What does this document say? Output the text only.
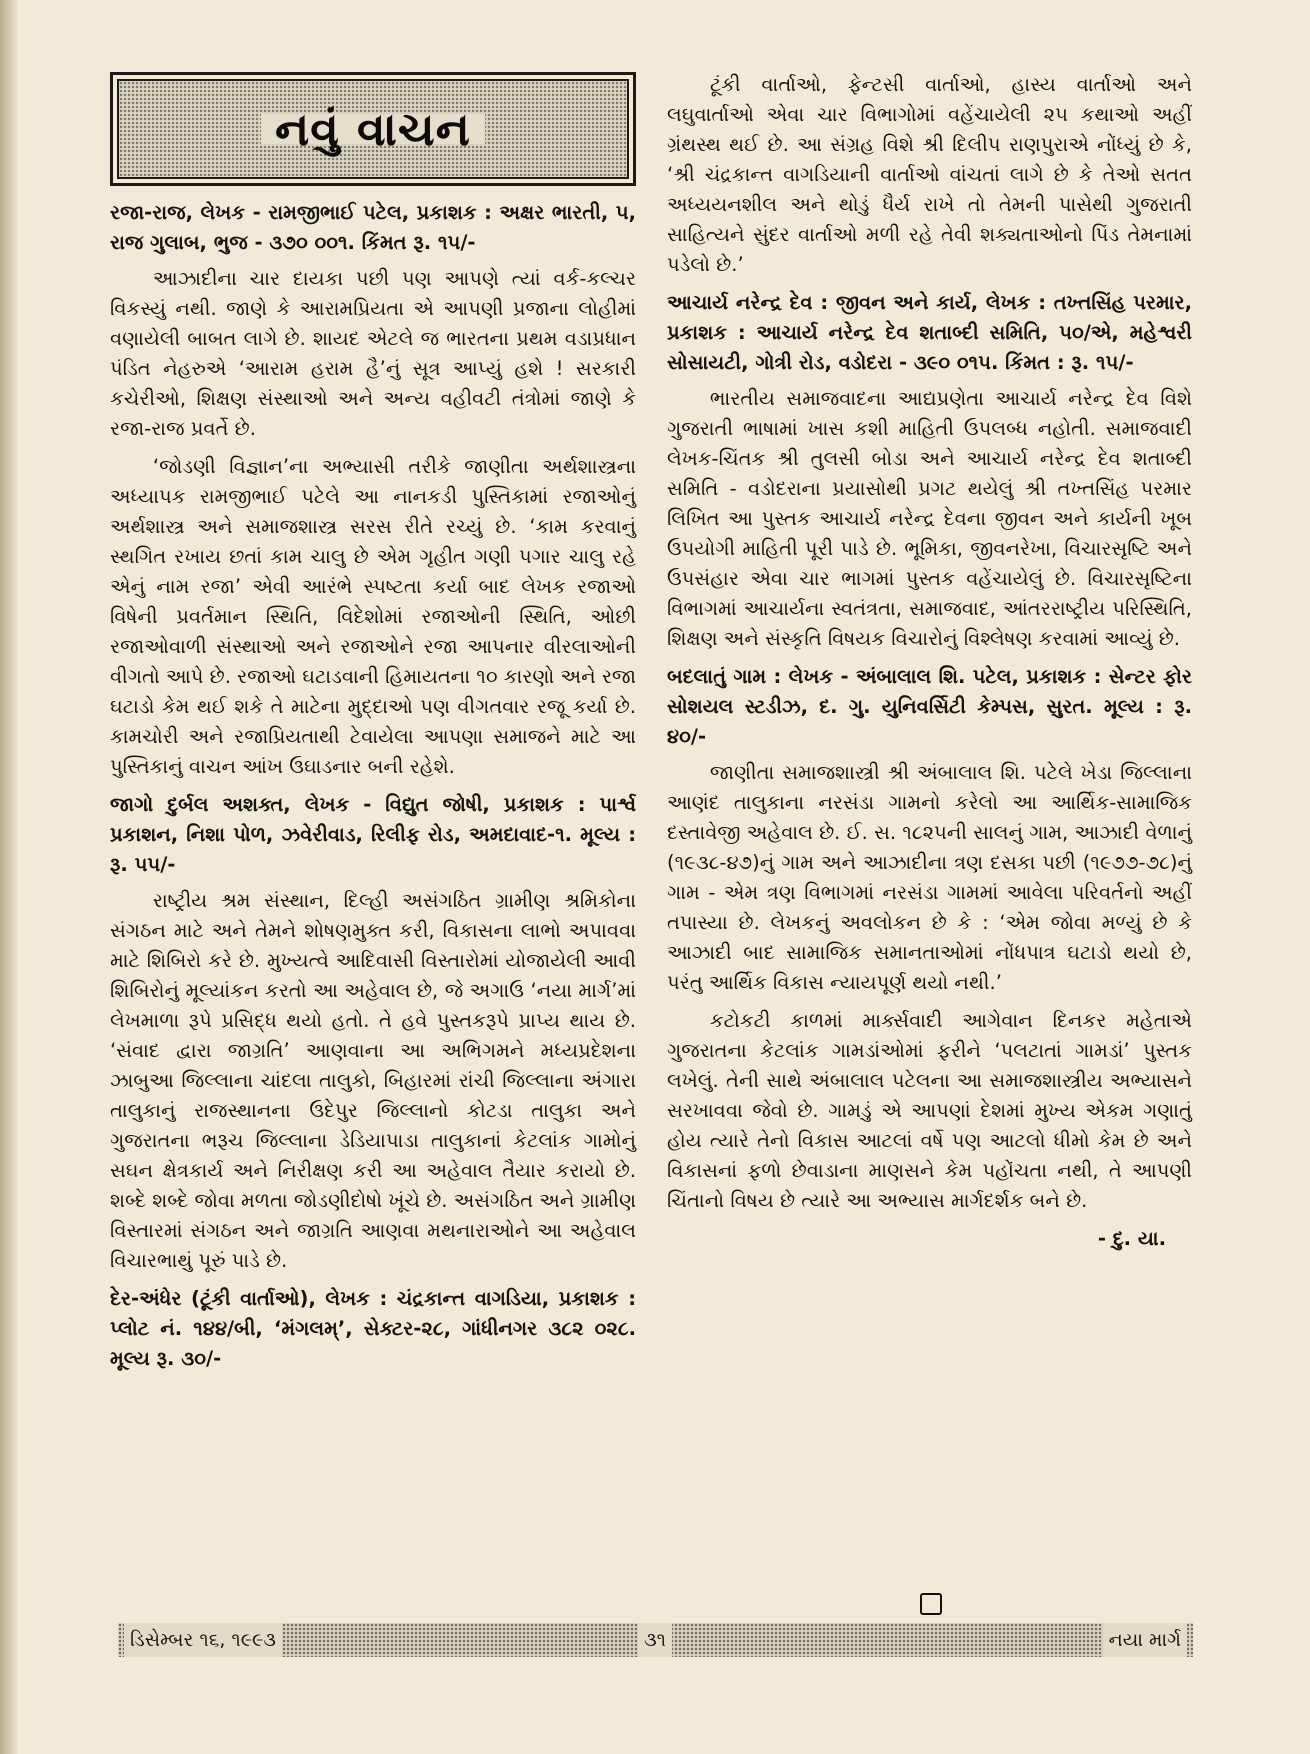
નવું વાચન

રજા-રાજ, લેખક - રામજીભાઈ પટેલ, પ્રકાશક : અક્ષર ભારતી, ૫, રાજ ગુલાબ, ભુજ - ૩૭૦ ૦૦૧. કિંમત રૂ. ૧૫/-

આઝાદીના ચાર દાયકા પછી પણ આપણે ત્યાં વર્ક-કલ્ચર વિકસ્યું નથી. જાણે કે આરામપ્રિયતા એ આપણી પ્રજાના લોહીમાં વણાયેલી બાબત લાગે છે. શાયદ એટલે જ ભારતના પ્રથમ વડાપ્રધાન પંડિત નેહરુએ ‘આરામ હરામ હૈ’નું સૂત્ર આપ્યું હશે ! સરકારી કચેરીઓ, શિક્ષણ સંસ્થાઓ અને અન્ય વહીવટી તંત્રોમાં જાણે કે રજા-રાજ પ્રવર્તે છે.

‘જોડણી વિજ્ઞાન’ના અભ્યાસી તરીકે જાણીતા અર્થશાસ્ત્રના અધ્યાપક રામજીભાઈ પટેલે આ નાનકડી પુસ્તિકામાં રજાઓનું અર્થશાસ્ત્ર અને સમાજશાસ્ત્ર સરસ રીતે રચ્યું છે. ‘કામ કરવાનું સ્થગિત રખાય છતાં કામ ચાલુ છે એમ ગૃહીત ગણી પગાર ચાલુ રહે એનું નામ રજા’ એવી આરંભે સ્પષ્ટતા કર્યા બાદ લેખક રજાઓ વિષેની પ્રવર્તમાન સ્થિતિ, વિદેશોમાં રજાઓની સ્થિતિ, ઓછી રજાઓવાળી સંસ્થાઓ અને રજાઓને રજા આપનાર વીરલાઓની વીગતો આપે છે. રજાઓ ઘટાડવાની હિમાયતના ૧૦ કારણો અને રજા ઘટાડો કેમ થઈ શકે તે માટેના મુદ્દાઓ પણ વીગતવાર રજૂ કર્યા છે. કામચોરી અને રજાપ્રિયતાથી ટેવાયેલા આપણા સમાજને માટે આ પુસ્તિકાનું વાચન આંખ ઉઘાડનાર બની રહેશે.

જાગો દુર્બલ અશક્ત, લેખક - વિદ્યુત જોષી, પ્રકાશક : પાર્શ્વ પ્રકાશન, નિશા પોળ, ઝવેરીવાડ, રિલીફ રોડ, અમદાવાદ-૧. મૂલ્ય : રૂ. ૫૫/-

રાષ્ટ્રીય શ્રમ સંસ્થાન, દિલ્હી અસંગઠિત ગ્રામીણ શ્રમિકોના સંગઠન માટે અને તેમને શોષણમુક્ત કરી, વિકાસના લાભો અપાવવા માટે શિબિરો કરે છે. મુખ્યત્વે આદિવાસી વિસ્તારોમાં યોજાયેલી આવી શિબિરોનું મૂલ્યાંકન કરતો આ અહેવાલ છે, જે અગાઉ ‘નયા માર્ગ’માં લેખમાળા રૂપે પ્રસિદ્ધ થયો હતો. તે હવે પુસ્તકરૂપે પ્રાપ્ય થાય છે. ‘સંવાદ દ્વારા જાગ્રતિ’ આણવાના આ અભિગમને મધ્યપ્રદેશના ઝાબુઆ જિલ્લાના ચાંદલા તાલુકો, બિહારમાં રાંચી જિલ્લાના અંગારા તાલુકાનું રાજસ્થાનના ઉદેપુર જિલ્લાનો કોટડા તાલુકા અને ગુજરાતના ભરૂચ જિલ્લાના ડેડિયાપાડા તાલુકાનાં કેટલાંક ગામોનું સઘન ક્ષેત્રકાર્ય અને નિરીક્ષણ કરી આ અહેવાલ તૈયાર કરાયો છે. શબ્દે શબ્દે જોવા મળતા જોડણીદોષો ખૂંચે છે. અસંગઠિત અને ગ્રામીણ વિસ્તારમાં સંગઠન અને જાગ્રતિ આણવા મથનારાઓને આ અહેવાલ વિચારભાથું પૂરું પાડે છે.

દેર-અંધેર (ટૂંકી વાર્તાઓ), લેખક : ચંદ્રકાન્ત વાગડિયા, પ્રકાશક : પ્લોટ નં. ૧૪૪/બી, ‘મંગલમ્’, સેક્ટર-૨૮, ગાંધીનગર ૩૮૨ ૦૨૮. મૂલ્ય રૂ. ૩૦/-

ટૂંકી વાર્તાઓ, ફેન્ટસી વાર્તાઓ, હાસ્ય વાર્તાઓ અને લઘુવાર્તાઓ એવા ચાર વિભાગોમાં વહેંચાયેલી ૨૫ કથાઓ અહીં ગ્રંથસ્થ થઈ છે. આ સંગ્રહ વિશે શ્રી દિલીપ રાણપુરાએ નોંધ્યું છે કે, ‘શ્રી ચંદ્રકાન્ત વાગડિયાની વાર્તાઓ વાંચતાં લાગે છે કે તેઓ સતત અધ્યયનશીલ અને થોડું ધૈર્ય રાખે તો તેમની પાસેથી ગુજરાતી સાહિત્યને સુંદર વાર્તાઓ મળી રહે તેવી શક્યતાઓનો પિંડ તેમનામાં પડેલો છે.’

આચાર્ય નરેન્દ્ર દેવ : જીવન અને કાર્ય, લેખક : તખ્તસિંહ પરમાર, પ્રકાશક : આચાર્ય નરેન્દ્ર દેવ શતાબ્દી સમિતિ, ૫૦/એ, મહેશ્વરી સોસાયટી, ગોત્રી રોડ, વડોદરા - ૩૯૦ ૦૧૫. કિંમત : રૂ. ૧૫/-

ભારતીય સમાજવાદના આદ્યપ્રણેતા આચાર્ય નરેન્દ્ર દેવ વિશે ગુજરાતી ભાષામાં ખાસ કશી માહિતી ઉપલબ્ધ નહોતી. સમાજવાદી લેખક-ચિંતક શ્રી તુલસી બોડા અને આચાર્ય નરેન્દ્ર દેવ શતાબ્દી સમિતિ - વડોદરાના પ્રયાસોથી પ્રગટ થયેલું શ્રી તખ્તસિંહ પરમાર લિખિત આ પુસ્તક આચાર્ય નરેન્દ્ર દેવના જીવન અને કાર્યની ખૂબ ઉપયોગી માહિતી પૂરી પાડે છે. ભૂમિકા, જીવનરેખા, વિચારસૃષ્ટિ અને ઉપસંહાર એવા ચાર ભાગમાં પુસ્તક વહેંચાયેલું છે. વિચારસૃષ્ટિના વિભાગમાં આચાર્યના સ્વતંત્રતા, સમાજવાદ, આંતરરાષ્ટ્રીય પરિસ્થિતિ, શિક્ષણ અને સંસ્કૃતિ વિષયક વિચારોનું વિશ્લેષણ કરવામાં આવ્યું છે.

બદલાતું ગામ : લેખક - અંબાલાલ શિ. પટેલ, પ્રકાશક : સેન્ટર ફોર સોશયલ સ્ટડીઝ, દ. ગુ. યુનિવર્સિટી કેમ્પસ, સુરત. મૂલ્ય : રૂ. ૪૦/-

જાણીતા સમાજશાસ્ત્રી શ્રી અંબાલાલ શિ. પટેલે ખેડા જિલ્લાના આણંદ તાલુકાના નરસંડા ગામનો કરેલો આ આર્થિક-સામાજિક દસ્તાવેજી અહેવાલ છે. ઈ. સ. ૧૮૨૫ની સાલનું ગામ, આઝાદી વેળાનું (૧૯૩૮-૪૭)નું ગામ અને આઝાદીના ત્રણ દસકા પછી (૧૯૭૭-૭૮)નું ગામ - એમ ત્રણ વિભાગમાં નરસંડા ગામમાં આવેલા પરિવર્તનો અહીં તપાસ્યા છે. લેખકનું અવલોકન છે કે : ‘એમ જોવા મળ્યું છે કે આઝાદી બાદ સામાજિક સમાનતાઓમાં નોંધપાત્ર ઘટાડો થયો છે, પરંતુ આર્થિક વિકાસ ન્યાયપૂર્ણ થયો નથી.’

કટોકટી કાળમાં માર્ક્સવાદી આગેવાન દિનકર મહેતાએ ગુજરાતના કેટલાંક ગામડાંઓમાં ફરીને ‘પલટાતાં ગામડાં’ પુસ્તક લખેલું. તેની સાથે અંબાલાલ પટેલના આ સમાજશાસ્ત્રીય અભ્યાસને સરખાવવા જેવો છે. ગામડું એ આપણાં દેશમાં મુખ્ય એકમ ગણાતું હોય ત્યારે તેનો વિકાસ આટલાં વર્ષે પણ આટલો ધીમો કેમ છે અને વિકાસનાં ફળો છેવાડાના માણસને કેમ પહોંચતા નથી, તે આપણી ચિંતાનો વિષય છે ત્યારે આ અભ્યાસ માર્ગદર્શક બને છે.

- દુ. યા.

ડિસેમ્બર ૧૬, ૧૯૯૩	૩૧	નયા માર્ગ
